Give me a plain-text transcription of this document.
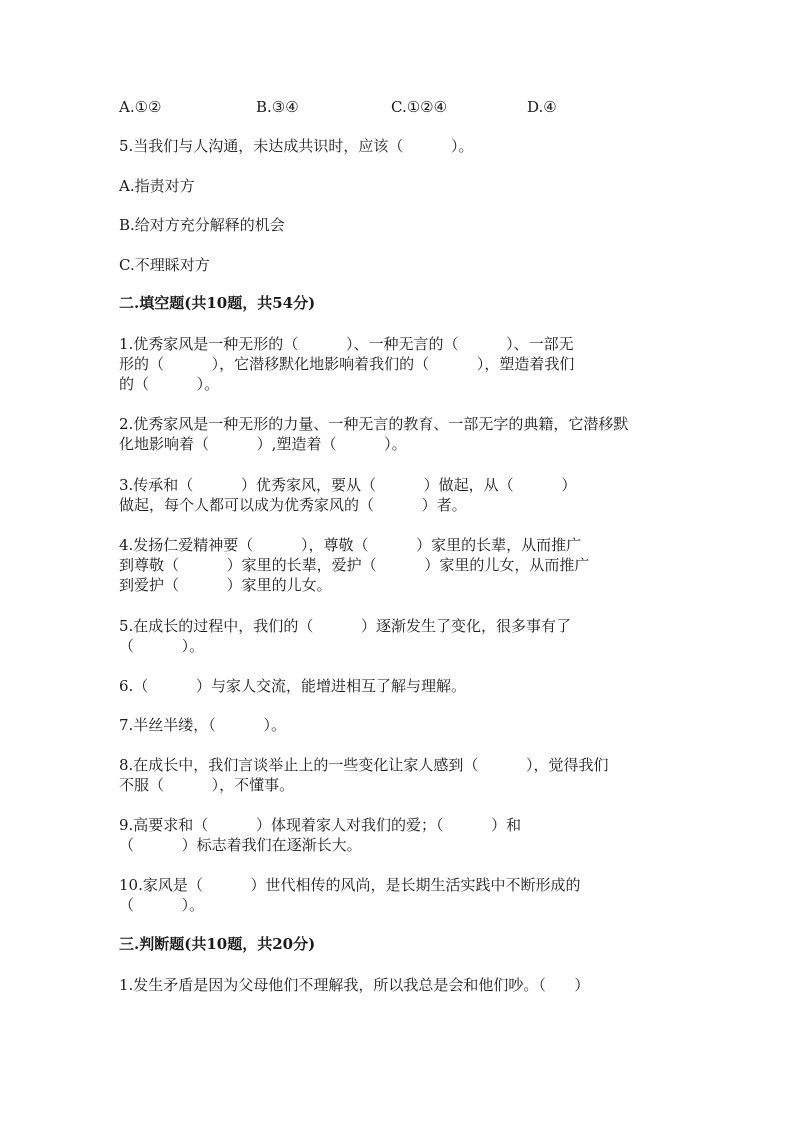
A.①②	B.③④	C.①②④	D.④
5.当我们与人沟通，未达成共识时，应该（          ）。
A.指责对方
B.给对方充分解释的机会
C.不理睬对方
二.填空题(共10题，共54分)
1.优秀家风是一种无形的（          ）、一种无言的（          ）、一部无
形的（          ），它潜移默化地影响着我们的（          ），塑造着我们
的（          ）。
2.优秀家风是一种无形的力量、一种无言的教育、一部无字的典籍，它潜移默
化地影响着（          ）,塑造着（          ）。
3.传承和（          ）优秀家风，要从（          ）做起，从（          ）
做起，每个人都可以成为优秀家风的（          ）者。
4.发扬仁爱精神要（          ），尊敬（          ）家里的长辈，从而推广
到尊敬（          ）家里的长辈，爱护（          ）家里的儿女，从而推广
到爱护（          ）家里的儿女。
5.在成长的过程中，我们的（          ）逐渐发生了变化，很多事有了
（          ）。
6.（          ）与家人交流，能增进相互了解与理解。
7.半丝半缕，（          ）。
8.在成长中，我们言谈举止上的一些变化让家人感到（          ），觉得我们
不服（          ），不懂事。
9.高要求和（          ）体现着家人对我们的爱；（          ）和
（          ）标志着我们在逐渐长大。
10.家风是（          ）世代相传的风尚，是长期生活实践中不断形成的
（          ）。
三.判断题(共10题，共20分)
1.发生矛盾是因为父母他们不理解我，所以我总是会和他们吵。（      ）
